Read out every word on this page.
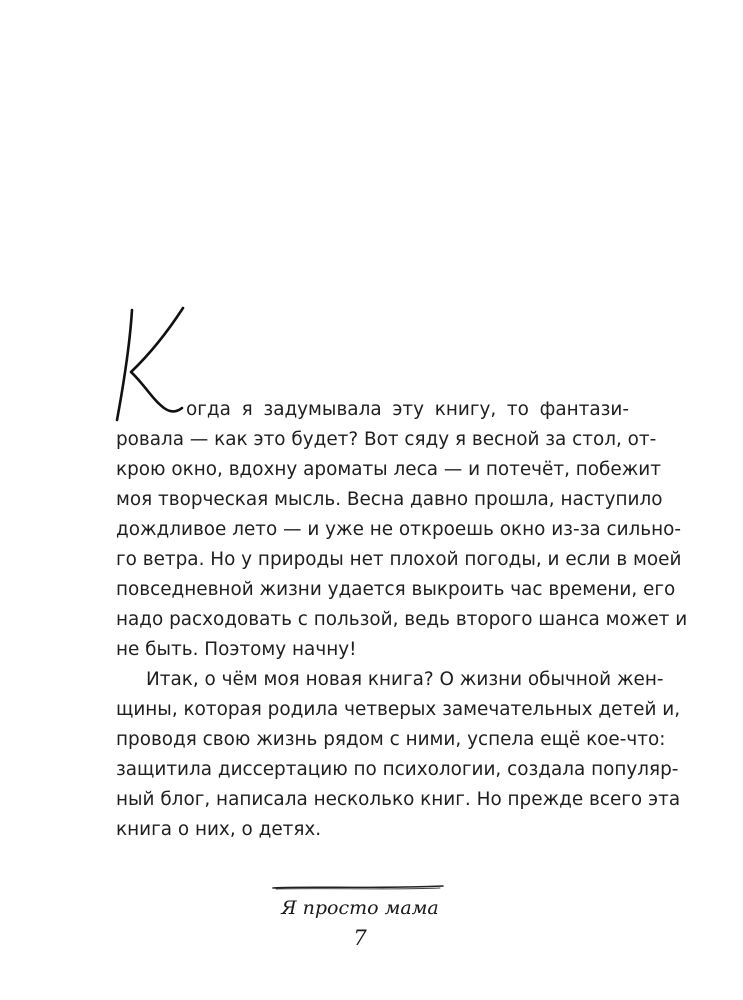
К

огда я задумывала эту книгу, то фантази-

ровала — как это будет? Вот сяду я весной за стол, от-

крою окно, вдохну ароматы леса — и потечёт, побежит

моя творческая мысль. Весна давно прошла, наступило

дождливое лето — и уже не откроешь окно из-за сильно-

го ветра. Но у природы нет плохой погоды, и если в моей

повседневной жизни удается выкроить час времени, его

надо расходовать с пользой, ведь второго шанса может и

не быть. Поэтому начну!

Итак, о чём моя новая книга? О жизни обычной жен-

щины, которая родила четверых замечательных детей и,

проводя свою жизнь рядом с ними, успела ещё кое-что:

защитила диссертацию по психологии, создала популяр-

ный блог, написала несколько книг. Но прежде всего эта

книга о них, о детях.

Я просто мама

7
